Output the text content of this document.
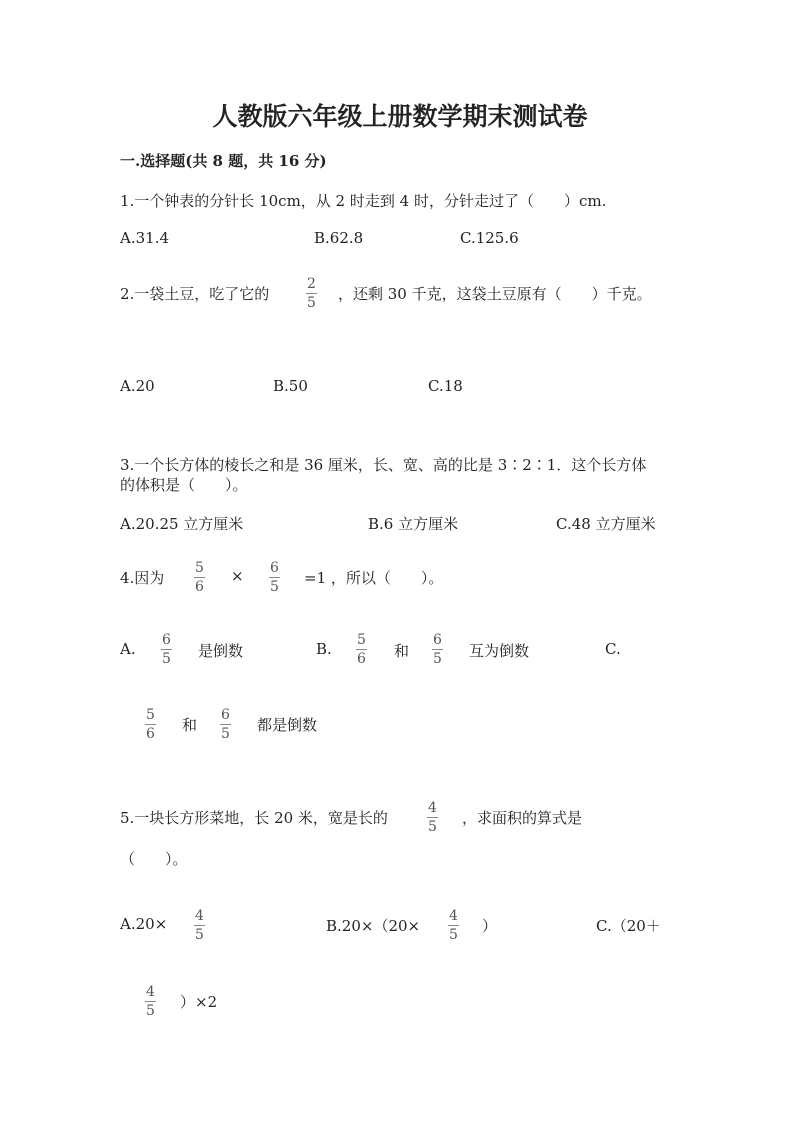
人教版六年级上册数学期末测试卷
一.选择题(共 8 题，共 16 分)
1.一个钟表的分针长 10cm，从 2 时走到 4 时，分针走过了（　　）cm.
A.31.4	B.62.8	C.125.6
2.一袋土豆，吃了它的
2
5 ，还剩 30 千克，这袋土豆原有（　　）千克。
A.20	B.50	C.18
3.一个长方体的棱长之和是 36 厘米，长、宽、高的比是 3∶2∶1．这个长方体
的体积是（　　）。
A.20.25 立方厘米	B.6 立方厘米	C.48 立方厘米
4.因为
5
6
× 6
5 =1 ，所以（　　）。
A. 6
5 是倒数	B. 5
6 和
6
5 互为倒数	C.
5
6 和
6
5 都是倒数
5.一块长方形菜地，长 20 米，宽是长的
4
5 ，求面积的算式是
（　　）。
A.20× 4
5	B.20×（20×
4
5 ）	C.（20＋
4
5 ）×2
